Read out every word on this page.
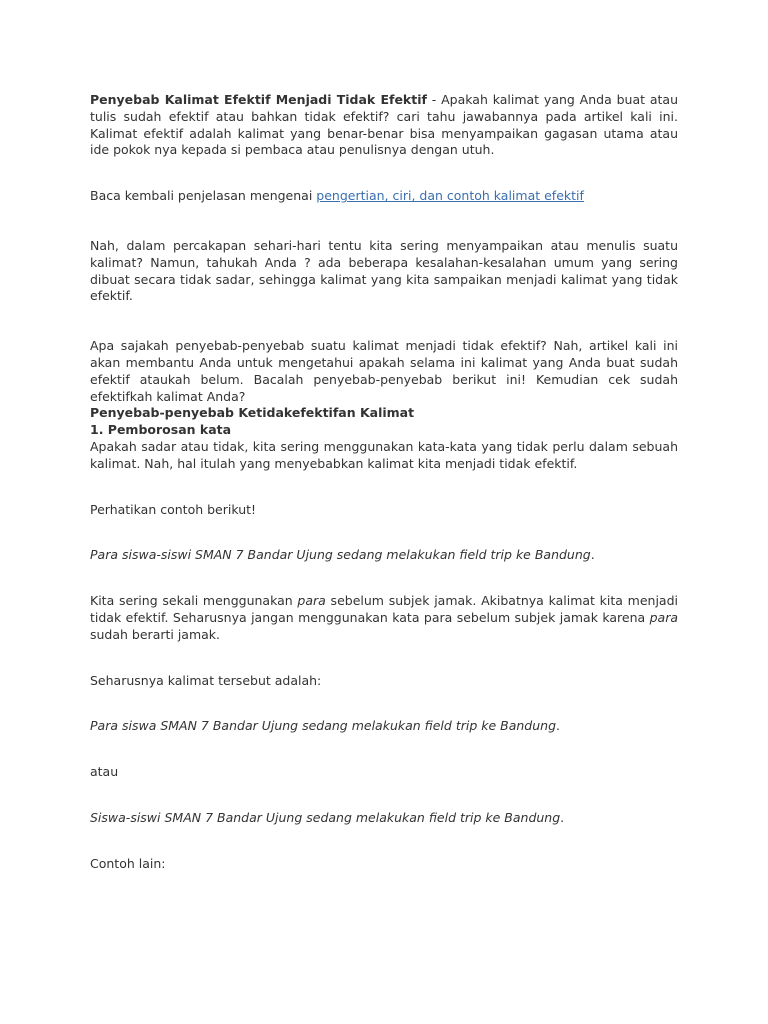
Penyebab Kalimat Efektif Menjadi Tidak Efektif - Apakah kalimat yang Anda buat atau tulis sudah efektif atau bahkan tidak efektif? cari tahu jawabannya pada artikel kali ini. Kalimat efektif adalah kalimat yang benar-benar bisa menyampaikan gagasan utama atau ide pokok nya kepada si pembaca atau penulisnya dengan utuh.

Baca kembali penjelasan mengenai pengertian, ciri, dan contoh kalimat efektif

Nah, dalam percakapan sehari-hari tentu kita sering menyampaikan atau menulis suatu kalimat? Namun, tahukah Anda ? ada beberapa kesalahan-kesalahan umum yang sering dibuat secara tidak sadar, sehingga kalimat yang kita sampaikan menjadi kalimat yang tidak efektif.

Apa sajakah penyebab-penyebab suatu kalimat menjadi tidak efektif? Nah, artikel kali ini akan membantu Anda untuk mengetahui apakah selama ini kalimat yang Anda buat sudah efektif ataukah belum. Bacalah penyebab-penyebab berikut ini! Kemudian cek sudah efektifkah kalimat Anda?

Penyebab-penyebab Ketidakefektifan Kalimat

1. Pemborosan kata

Apakah sadar atau tidak, kita sering menggunakan kata-kata yang tidak perlu dalam sebuah kalimat. Nah, hal itulah yang menyebabkan kalimat kita menjadi tidak efektif.

Perhatikan contoh berikut!

Para siswa-siswi SMAN 7 Bandar Ujung sedang melakukan field trip ke Bandung.

Kita sering sekali menggunakan para sebelum subjek jamak. Akibatnya kalimat kita menjadi tidak efektif. Seharusnya jangan menggunakan kata para sebelum subjek jamak karena para sudah berarti jamak.

Seharusnya kalimat tersebut adalah:

Para siswa SMAN 7 Bandar Ujung sedang melakukan field trip ke Bandung.

atau

Siswa-siswi SMAN 7 Bandar Ujung sedang melakukan field trip ke Bandung.

Contoh lain:
